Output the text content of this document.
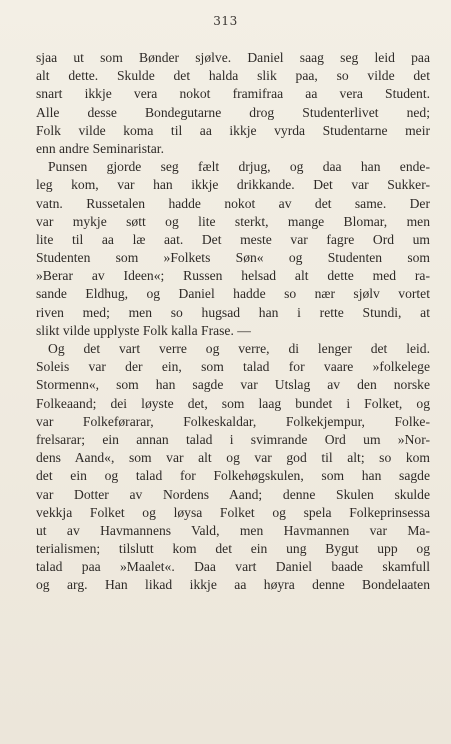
313
sjaa ut som Bønder sjølve. Daniel saag seg leid paa
alt dette. Skulde det halda slik paa, so vilde det
snart ikkje vera nokot framifraa aa vera Student.
Alle desse Bondegutarne drog Studenterlivet ned;
Folk vilde koma til aa ikkje vyrda Studentarne meir
enn andre Seminaristar.
Punsen gjorde seg fælt drjug, og daa han ende-
leg kom, var han ikkje drikkande. Det var Sukker-
vatn. Russetalen hadde nokot av det same. Der
var mykje søtt og lite sterkt, mange Blomar, men
lite til aa læ aat. Det meste var fagre Ord um
Studenten som »Folkets Søn« og Studenten som
»Berar av Ideen«; Russen helsad alt dette med ra-
sande Eldhug, og Daniel hadde so nær sjølv vortet
riven med; men so hugsad han i rette Stundi, at
slikt vilde upplyste Folk kalla Frase. —
Og det vart verre og verre, di lenger det leid.
Soleis var der ein, som talad for vaare »folkelege
Stormenn«, som han sagde var Utslag av den norske
Folkeaand; dei løyste det, som laag bundet i Folket, og
var Folkeførarar, Folkeskaldar, Folkekjempur, Folke-
frelsarar; ein annan talad i svimrande Ord um »Nor-
dens Aand«, som var alt og var god til alt; so kom
det ein og talad for Folkehøgskulen, som han sagde
var Dotter av Nordens Aand; denne Skulen skulde
vekkja Folket og løysa Folket og spela Folkeprinsessa
ut av Havmannens Vald, men Havmannen var Ma-
terialismen; tilslutt kom det ein ung Bygut upp og
talad paa »Maalet«. Daa vart Daniel baade skamfull
og arg. Han likad ikkje aa høyra denne Bondelaaten
